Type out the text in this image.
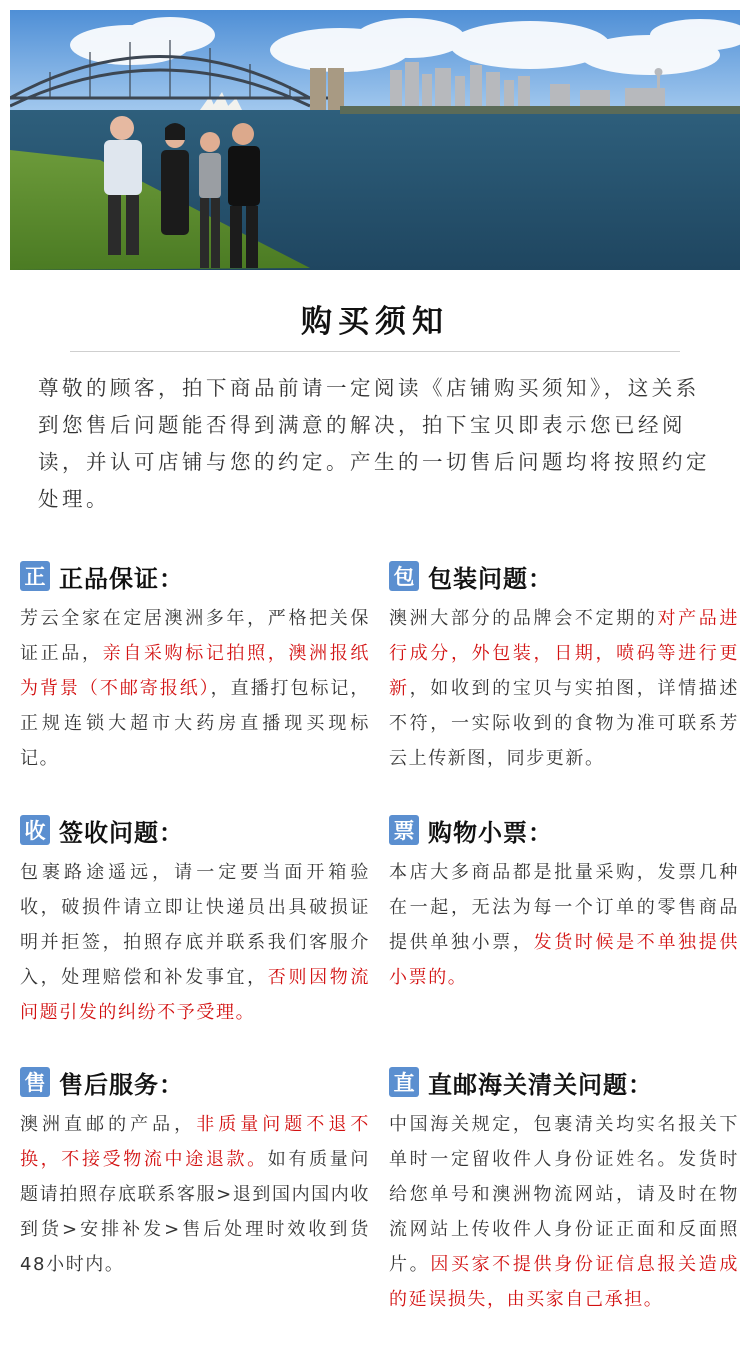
购买须知
尊敬的顾客，拍下商品前请一定阅读《店铺购买须知》，这关系到您售后问题能否得到满意的解决，拍下宝贝即表示您已经阅读，并认可店铺与您的约定。产生的一切售后问题均将按照约定处理。
正 正品保证：
芳云全家在定居澳洲多年，严格把关保证正品，亲自采购标记拍照，澳洲报纸为背景（不邮寄报纸），直播打包标记，正规连锁大超市大药房直播现买现标记。
包 包装问题：
澳洲大部分的品牌会不定期的对产品进行成分，外包装，日期，喷码等进行更新，如收到的宝贝与实拍图，详情描述不符，一实际收到的食物为准可联系芳云上传新图，同步更新。
收 签收问题：
包裹路途遥远，请一定要当面开箱验收，破损件请立即让快递员出具破损证明并拒签，拍照存底并联系我们客服介入，处理赔偿和补发事宜，否则因物流问题引发的纠纷不予受理。
票 购物小票：
本店大多商品都是批量采购，发票几种在一起，无法为每一个订单的零售商品提供单独小票，发货时候是不单独提供小票的。
售 售后服务：
澳洲直邮的产品，非质量问题不退不换，不接受物流中途退款。如有质量问题请拍照存底联系客服>退到国内国内收到货>安排补发>售后处理时效收到货48小时内。
直 直邮海关清关问题：
中国海关规定，包裹清关均实名报关下单时一定留收件人身份证姓名。发货时给您单号和澳洲物流网站，请及时在物流网站上传收件人身份证正面和反面照片。因买家不提供身份证信息报关造成的延误损失，由买家自己承担。
